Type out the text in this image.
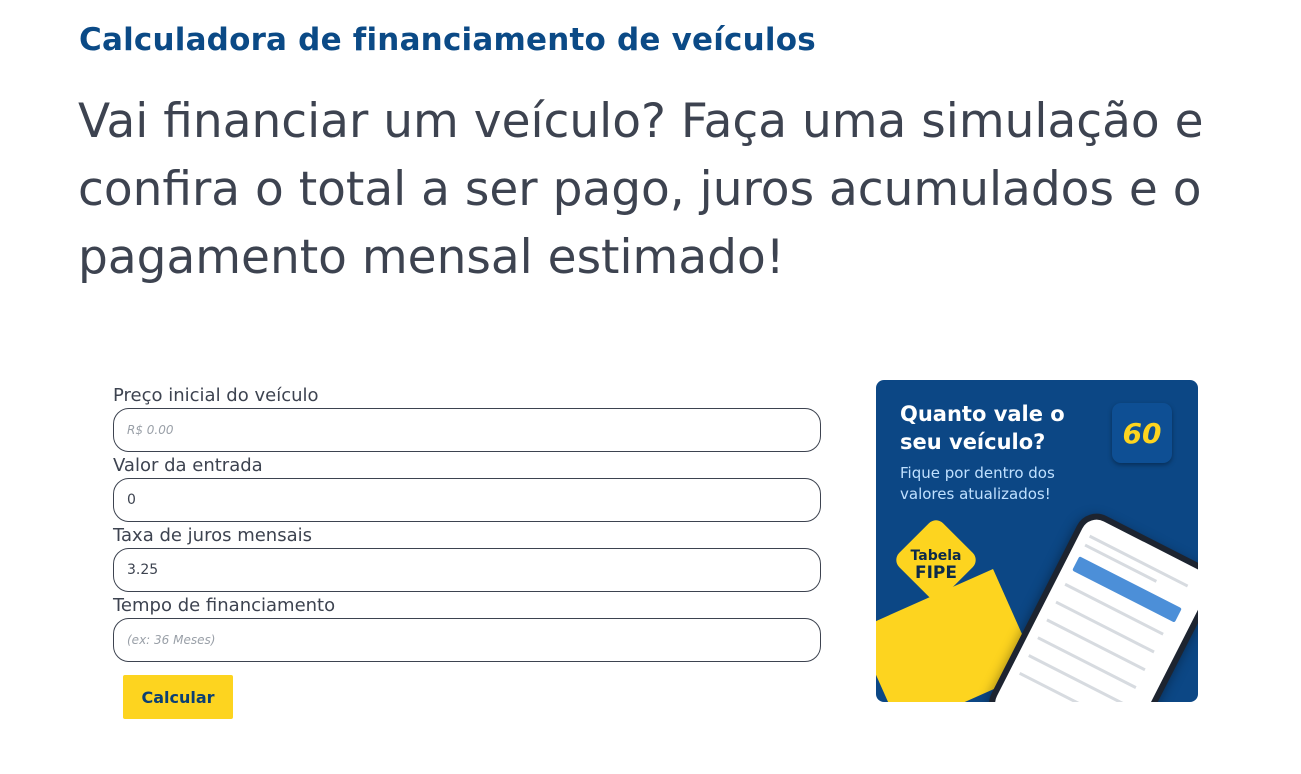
Calculadora de financiamento de veículos
Vai financiar um veículo? Faça uma simulação e confira o total a ser pago, juros acumulados e o pagamento mensal estimado!
Preço inicial do veículo
R$ 0.00
Valor da entrada
0
Taxa de juros mensais
3.25
Tempo de financiamento
(ex: 36 Meses)
Calcular
Quanto vale o seu veículo?
Fique por dentro dos valores atualizados!
60
Tabela
FIPE
